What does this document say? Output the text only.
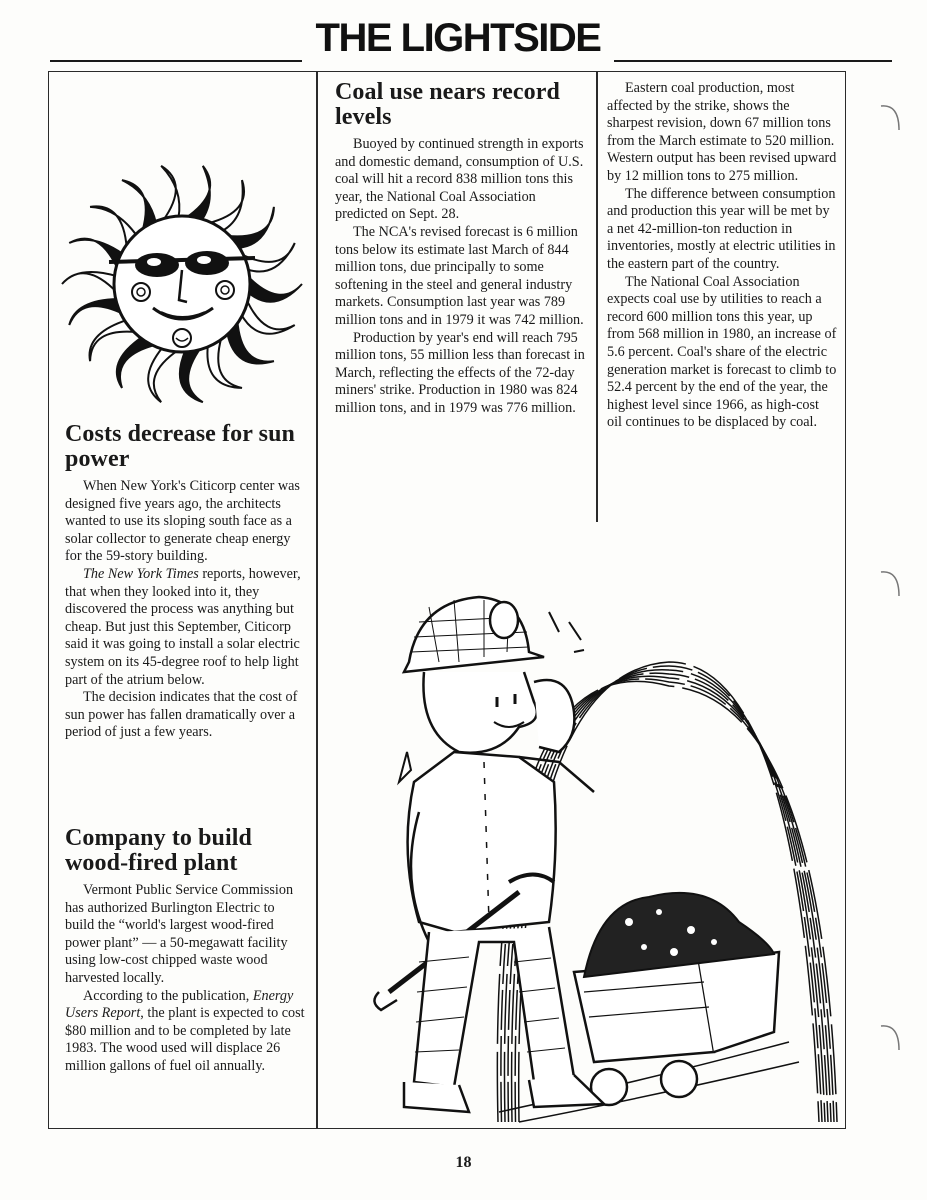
THE LIGHTSIDE
Costs decrease for sun power

When New York's Citicorp center was designed five years ago, the architects wanted to use its sloping south face as a solar collector to generate cheap energy for the 59-story building.

The New York Times reports, however, that when they looked into it, they discovered the process was anything but cheap. But just this September, Citicorp said it was going to install a solar electric system on its 45-degree roof to help light part of the atrium below.

The decision indicates that the cost of sun power has fallen dramatically over a period of just a few years.

Company to build wood-fired plant

Vermont Public Service Commission has authorized Burlington Electric to build the “world's largest wood-fired power plant” — a 50-megawatt facility using low-cost chipped waste wood harvested locally.

According to the publication, Energy Users Report, the plant is expected to cost $80 million and to be completed by late 1983. The wood used will displace 26 million gallons of fuel oil annually.

Coal use nears record levels

Buoyed by continued strength in exports and domestic demand, consumption of U.S. coal will hit a record 838 million tons this year, the National Coal Association predicted on Sept. 28.

The NCA's revised forecast is 6 million tons below its estimate last March of 844 million tons, due principally to some softening in the steel and general industry markets. Consumption last year was 789 million tons and in 1979 it was 742 million.

Production by year's end will reach 795 million tons, 55 million less than forecast in March, reflecting the effects of the 72-day miners' strike. Production in 1980 was 824 million tons, and in 1979 was 776 million.

Eastern coal production, most affected by the strike, shows the sharpest revision, down 67 million tons from the March estimate to 520 million. Western output has been revised upward by 12 million tons to 275 million.

The difference between consumption and production this year will be met by a net 42-million-ton reduction in inventories, mostly at electric utilities in the eastern part of the country.

The National Coal Association expects coal use by utilities to reach a record 600 million tons this year, up from 568 million in 1980, an increase of 5.6 percent. Coal's share of the electric generation market is forecast to climb to 52.4 percent by the end of the year, the highest level since 1966, as high-cost oil continues to be displaced by coal.

18
